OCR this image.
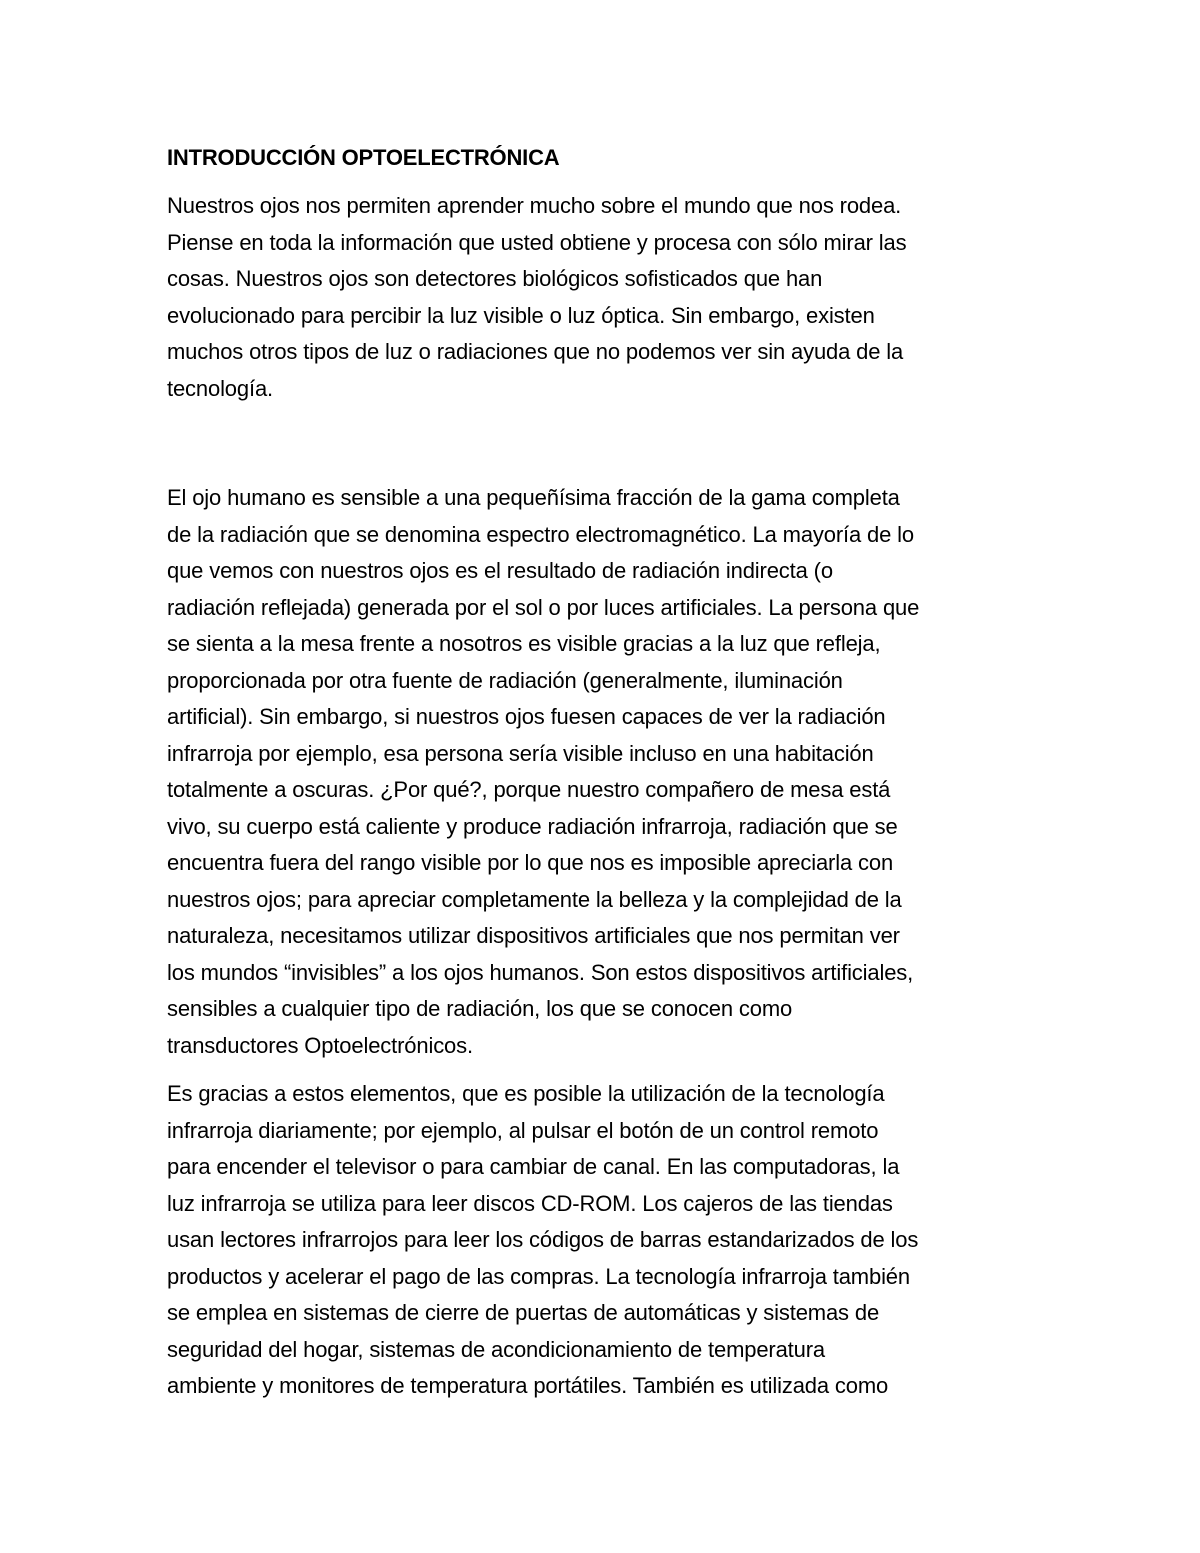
INTRODUCCIÓN OPTOELECTRÓNICA
Nuestros ojos nos permiten aprender mucho sobre el mundo que nos rodea.
Piense en toda la información que usted obtiene y procesa con sólo mirar las
cosas. Nuestros ojos son detectores biológicos sofisticados que han
evolucionado para percibir la luz visible o luz óptica. Sin embargo, existen
muchos otros tipos de luz o radiaciones que no podemos ver sin ayuda de la
tecnología.
El ojo humano es sensible a una pequeñísima fracción de la gama completa
de la radiación que se denomina espectro electromagnético. La mayoría de lo
que vemos con nuestros ojos es el resultado de radiación indirecta (o
radiación reflejada) generada por el sol o por luces artificiales. La persona que
se sienta a la mesa frente a nosotros es visible gracias a la luz que refleja,
proporcionada por otra fuente de radiación (generalmente, iluminación
artificial). Sin embargo, si nuestros ojos fuesen capaces de ver la radiación
infrarroja por ejemplo, esa persona sería visible incluso en una habitación
totalmente a oscuras. ¿Por qué?, porque nuestro compañero de mesa está
vivo, su cuerpo está caliente y produce radiación infrarroja, radiación que se
encuentra fuera del rango visible por lo que nos es imposible apreciarla con
nuestros ojos; para apreciar completamente la belleza y la complejidad de la
naturaleza, necesitamos utilizar dispositivos artificiales que nos permitan ver
los mundos “invisibles” a los ojos humanos. Son estos dispositivos artificiales,
sensibles a cualquier tipo de radiación, los que se conocen como
transductores Optoelectrónicos.
Es gracias a estos elementos, que es posible la utilización de la tecnología
infrarroja diariamente; por ejemplo, al pulsar el botón de un control remoto
para encender el televisor o para cambiar de canal. En las computadoras, la
luz infrarroja se utiliza para leer discos CD-ROM. Los cajeros de las tiendas
usan lectores infrarrojos para leer los códigos de barras estandarizados de los
productos y acelerar el pago de las compras. La tecnología infrarroja también
se emplea en sistemas de cierre de puertas de automáticas y sistemas de
seguridad del hogar, sistemas de acondicionamiento de temperatura
ambiente y monitores de temperatura portátiles. También es utilizada como
